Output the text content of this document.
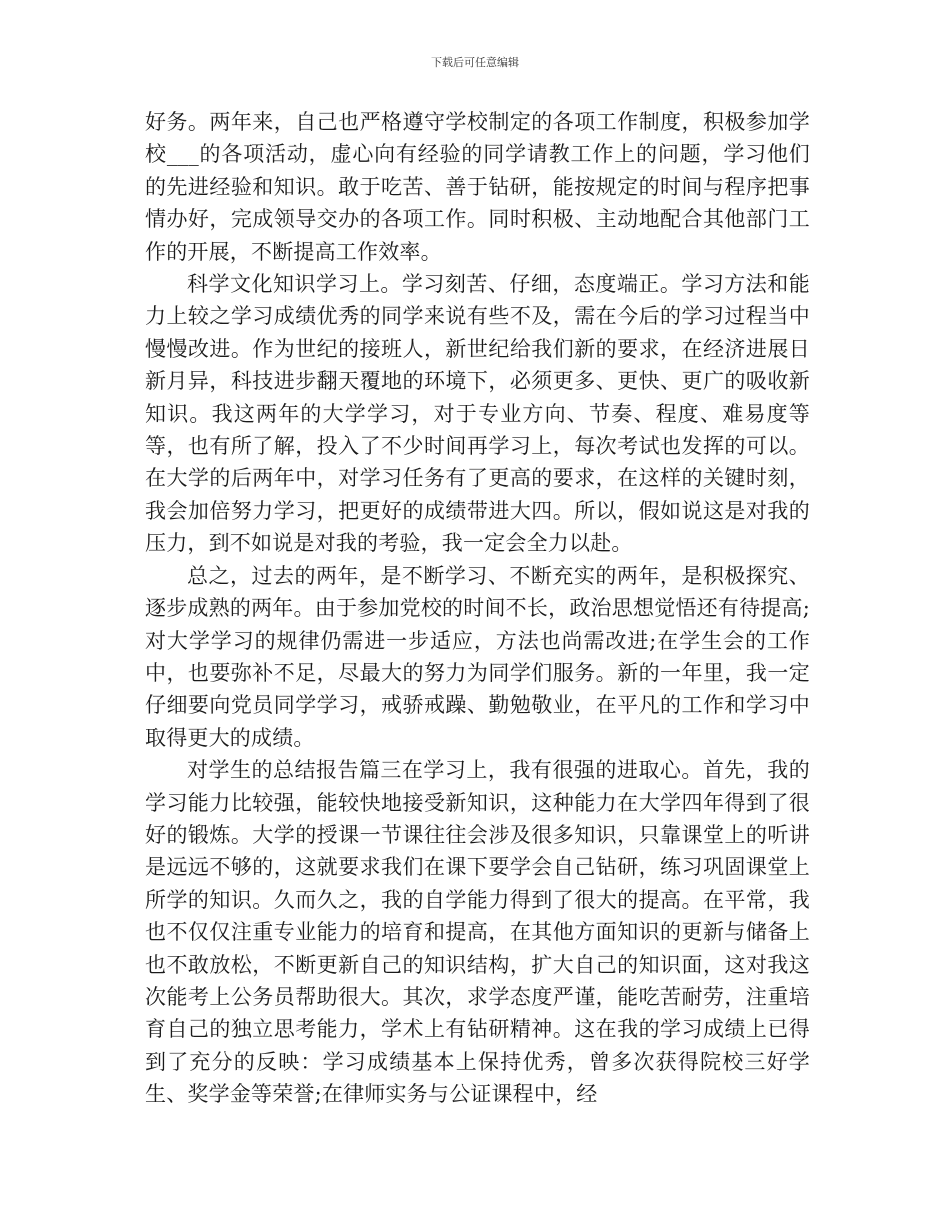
下载后可任意编辑

好务。两年来，自己也严格遵守学校制定的各项工作制度，积极参加学校___的各项活动，虚心向有经验的同学请教工作上的问题，学习他们的先进经验和知识。敢于吃苦、善于钻研，能按规定的时间与程序把事情办好，完成领导交办的各项工作。同时积极、主动地配合其他部门工作的开展，不断提高工作效率。

科学文化知识学习上。学习刻苦、仔细，态度端正。学习方法和能力上较之学习成绩优秀的同学来说有些不及，需在今后的学习过程当中慢慢改进。作为世纪的接班人，新世纪给我们新的要求，在经济进展日新月异，科技进步翻天覆地的环境下，必须更多、更快、更广的吸收新知识。我这两年的大学学习，对于专业方向、节奏、程度、难易度等等，也有所了解，投入了不少时间再学习上，每次考试也发挥的可以。在大学的后两年中，对学习任务有了更高的要求，在这样的关键时刻，我会加倍努力学习，把更好的成绩带进大四。所以，假如说这是对我的压力，到不如说是对我的考验，我一定会全力以赴。

总之，过去的两年，是不断学习、不断充实的两年，是积极探究、逐步成熟的两年。由于参加党校的时间不长，政治思想觉悟还有待提高;对大学学习的规律仍需进一步适应，方法也尚需改进;在学生会的工作中，也要弥补不足，尽最大的努力为同学们服务。新的一年里，我一定仔细要向党员同学学习，戒骄戒躁、勤勉敬业，在平凡的工作和学习中取得更大的成绩。

对学生的总结报告篇三在学习上，我有很强的进取心。首先，我的学习能力比较强，能较快地接受新知识，这种能力在大学四年得到了很好的锻炼。大学的授课一节课往往会涉及很多知识，只靠课堂上的听讲是远远不够的，这就要求我们在课下要学会自己钻研，练习巩固课堂上所学的知识。久而久之，我的自学能力得到了很大的提高。在平常，我也不仅仅注重专业能力的培育和提高，在其他方面知识的更新与储备上也不敢放松，不断更新自己的知识结构，扩大自己的知识面，这对我这次能考上公务员帮助很大。其次，求学态度严谨，能吃苦耐劳，注重培育自己的独立思考能力，学术上有钻研精神。这在我的学习成绩上已得到了充分的反映：学习成绩基本上保持优秀，曾多次获得院校三好学生、奖学金等荣誉;在律师实务与公证课程中，经
